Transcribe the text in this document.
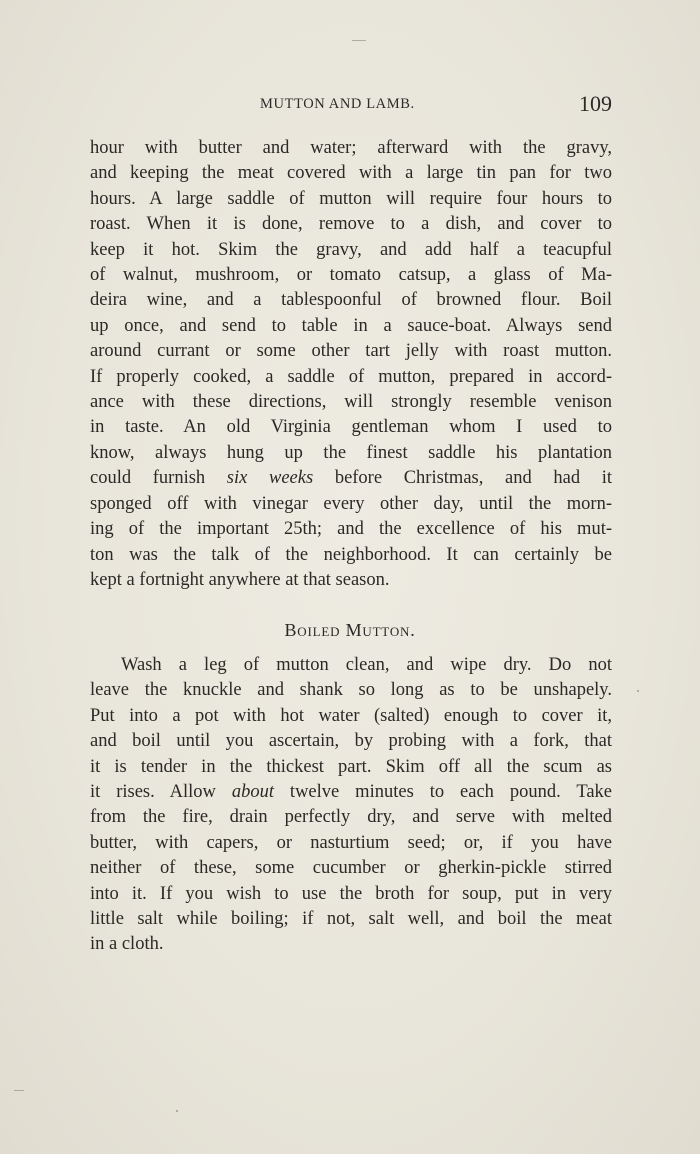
MUTTON AND LAMB.	109
hour with butter and water; afterward with the gravy,
and keeping the meat covered with a large tin pan for two
hours. A large saddle of mutton will require four hours to
roast. When it is done, remove to a dish, and cover to
keep it hot. Skim the gravy, and add half a teacupful
of walnut, mushroom, or tomato catsup, a glass of Ma-
deira wine, and a tablespoonful of browned flour. Boil
up once, and send to table in a sauce-boat. Always send
around currant or some other tart jelly with roast mutton.
If properly cooked, a saddle of mutton, prepared in accord-
ance with these directions, will strongly resemble venison
in taste. An old Virginia gentleman whom I used to
know, always hung up the finest saddle his plantation
could furnish six weeks before Christmas, and had it
sponged off with vinegar every other day, until the morn-
ing of the important 25th; and the excellence of his mut-
ton was the talk of the neighborhood. It can certainly be
kept a fortnight anywhere at that season.
Boiled Mutton.
Wash a leg of mutton clean, and wipe dry. Do not
leave the knuckle and shank so long as to be unshapely.
Put into a pot with hot water (salted) enough to cover it,
and boil until you ascertain, by probing with a fork, that
it is tender in the thickest part. Skim off all the scum as
it rises. Allow about twelve minutes to each pound. Take
from the fire, drain perfectly dry, and serve with melted
butter, with capers, or nasturtium seed; or, if you have
neither of these, some cucumber or gherkin-pickle stirred
into it. If you wish to use the broth for soup, put in very
little salt while boiling; if not, salt well, and boil the meat
in a cloth.
